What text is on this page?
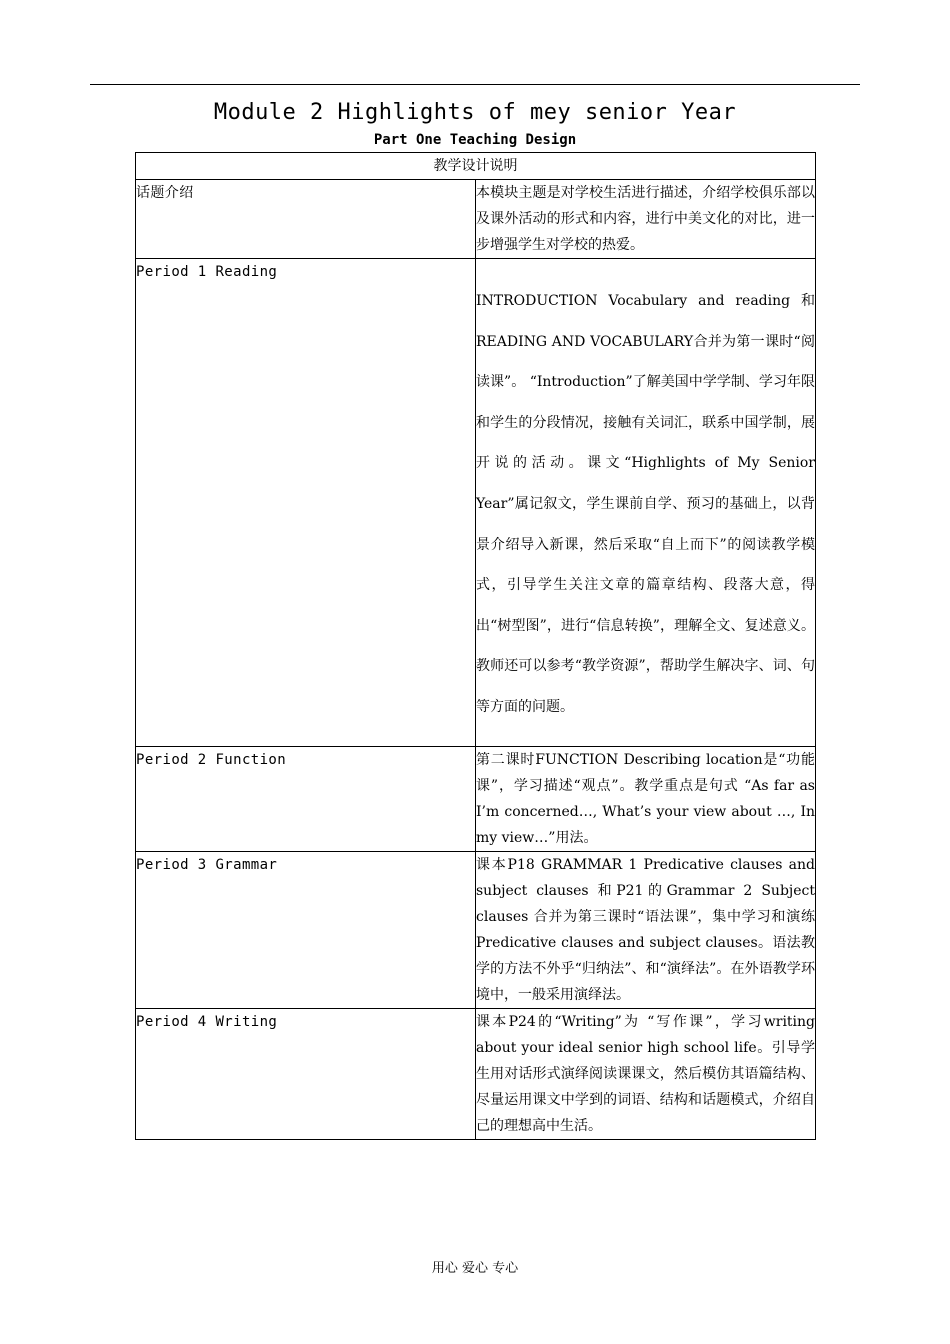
Module 2 Highlights of mey senior Year
Part One Teaching Design
教学设计说明	
话题介绍	本模块主题是对学校生活进行描述，介绍学校俱乐部以及课外活动的形式和内容，进行中美文化的对比，进一步增强学生对学校的热爱。
Period 1 Reading	INTRODUCTION Vocabulary and reading 和 READING AND VOCABULARY合并为第一课时“阅读课”。 “Introduction”了解美国中学学制、学习年限和学生的分段情况，接触有关词汇，联系中国学制，展开说的活动。课文“Highlights of My Senior Year”属记叙文，学生课前自学、预习的基础上，以背景介绍导入新课，然后采取“自上而下”的阅读教学模式，引导学生关注文章的篇章结构、段落大意，得出“树型图”，进行“信息转换”，理解全文、复述意义。教师还可以参考“教学资源”，帮助学生解决字、词、句等方面的问题。

Period 2 Function	第二课时FUNCTION Describing location是“功能课”，学习描述“观点”。教学重点是句式 “As far as I’m concerned…, What’s your view about …, In my view…”用法。
Period 3 Grammar	课本P18 GRAMMAR 1 Predicative clauses and subject clauses 和P21的Grammar 2 Subject clauses 合并为第三课时“语法课”，集中学习和演练Predicative clauses and subject clauses。语法教学的方法不外乎“归纳法”、和“演绎法”。在外语教学环境中，一般采用演绎法。
Period 4 Writing	课本P24的“Writing”为 “写作课”，学习writing about your ideal senior high school life。引导学生用对话形式演绎阅读课课文，然后模仿其语篇结构、尽量运用课文中学到的词语、结构和话题模式，介绍自己的理想高中生活。
用心 爱心 专心
